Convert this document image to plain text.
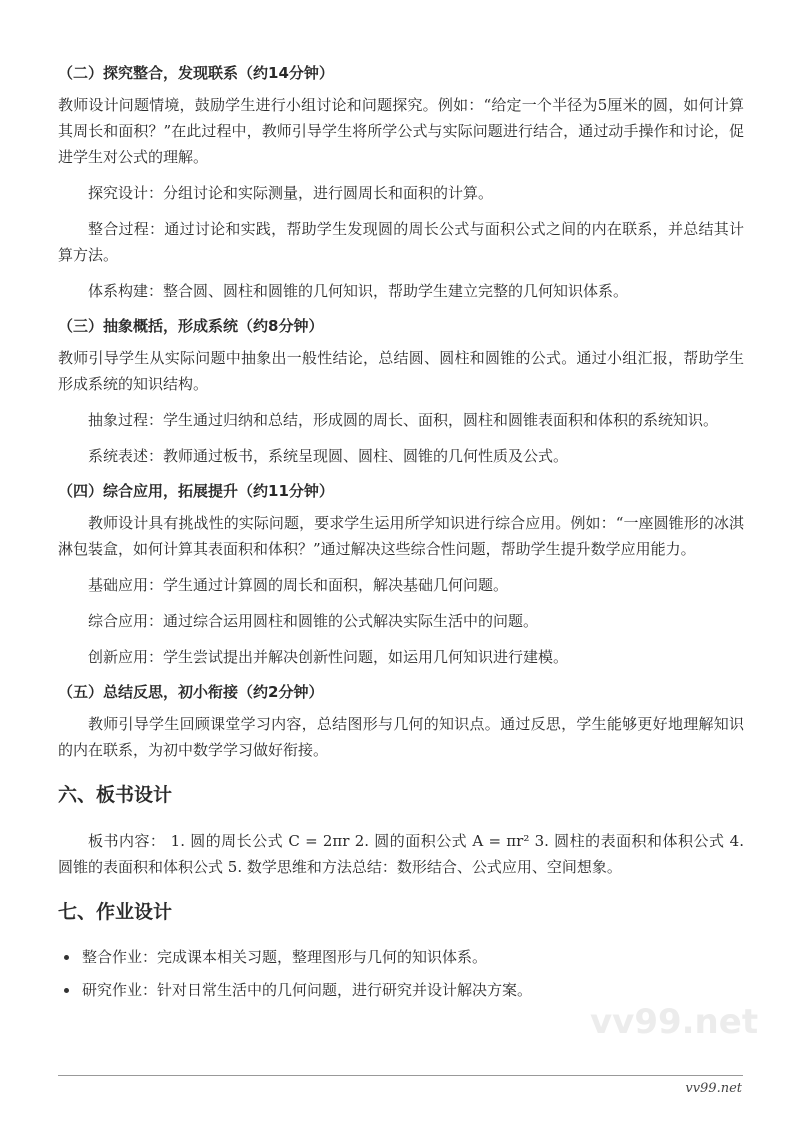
vv99.net
（二）探究整合，发现联系（约14分钟）
教师设计问题情境，鼓励学生进行小组讨论和问题探究。例如：“给定一个半径为5厘米的圆，如何计算其周长和面积？”在此过程中，教师引导学生将所学公式与实际问题进行结合，通过动手操作和讨论，促进学生对公式的理解。
探究设计：分组讨论和实际测量，进行圆周长和面积的计算。
整合过程：通过讨论和实践，帮助学生发现圆的周长公式与面积公式之间的内在联系，并总结其计算方法。
体系构建：整合圆、圆柱和圆锥的几何知识，帮助学生建立完整的几何知识体系。
（三）抽象概括，形成系统（约8分钟）
教师引导学生从实际问题中抽象出一般性结论，总结圆、圆柱和圆锥的公式。通过小组汇报，帮助学生形成系统的知识结构。
抽象过程：学生通过归纳和总结，形成圆的周长、面积，圆柱和圆锥表面积和体积的系统知识。
系统表述：教师通过板书，系统呈现圆、圆柱、圆锥的几何性质及公式。
（四）综合应用，拓展提升（约11分钟）
教师设计具有挑战性的实际问题，要求学生运用所学知识进行综合应用。例如：“一座圆锥形的冰淇淋包装盒，如何计算其表面积和体积？”通过解决这些综合性问题，帮助学生提升数学应用能力。
基础应用：学生通过计算圆的周长和面积，解决基础几何问题。
综合应用：通过综合运用圆柱和圆锥的公式解决实际生活中的问题。
创新应用：学生尝试提出并解决创新性问题，如运用几何知识进行建模。
（五）总结反思，初小衔接（约2分钟）
教师引导学生回顾课堂学习内容，总结图形与几何的知识点。通过反思，学生能够更好地理解知识的内在联系，为初中数学学习做好衔接。
六、板书设计
板书内容： 1. 圆的周长公式 C = 2πr 2. 圆的面积公式 A = πr² 3. 圆柱的表面积和体积公式 4. 圆锥的表面积和体积公式 5. 数学思维和方法总结：数形结合、公式应用、空间想象。
七、作业设计
整合作业：完成课本相关习题，整理图形与几何的知识体系。
研究作业：针对日常生活中的几何问题，进行研究并设计解决方案。
vv99.net
